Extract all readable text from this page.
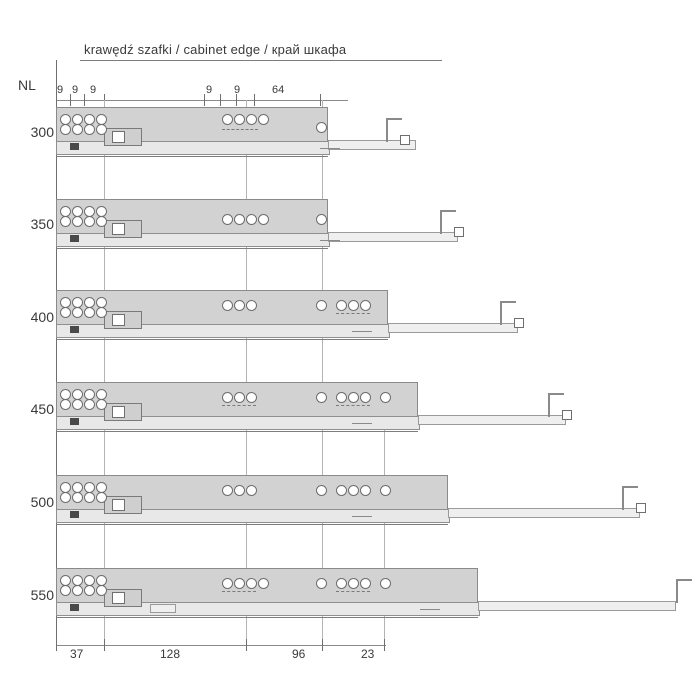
krawędź szafki / cabinet edge / край шкафа
NL 9 9 9	9 9	64
300
350
400
450
500
550
37	128	96	23
